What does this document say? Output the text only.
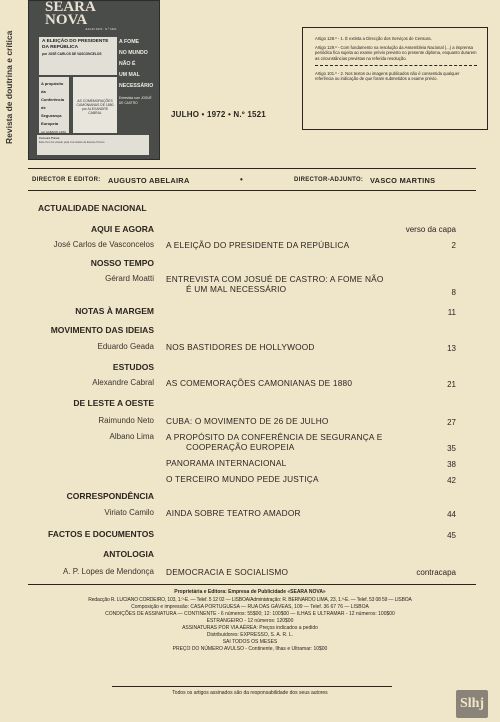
Revista de doutrina e crítica
SEARA
NOVA
JULHO 1972 · N.º 1521
A ELEIÇÃO DO PRESIDENTE DA REPÚBLICA
por JOSÉ CARLOS DE VASCONCELOS
A FOME
NO MUNDO
NÃO É
UM MAL
NECESSÁRIO
Entrevista com JOSUÉ DE CASTRO
A propósito
da Conferência
de Segurança
Europeia
por ALBANO LIMA
AS COMEMORAÇÕES CAMONIANAS DE 1880
por ALEXANDRE CABRAL
Censura Prévia
Este livro foi visado pela Comissão de Exame Prévio
JULHO • 1972 • N.º 1521

Artigo 128.º - 1. É extinta a Direcção dos Serviços de Censura.

Artigo 129.º - Com fundamento na resolução da Assembleia Nacional (...) a imprensa periódica fica sujeita ao exame prévio previsto no presente diploma, enquanto durarem as circunstâncias previstas na referida resolução.

Artigo 101.º - 2. Nos textos ou imagens publicados não é consentida qualquer referência ou indicação de que foram submetidos a exame prévio.

DIRECTOR E EDITOR: AUGUSTO ABELAIRA	•	DIRECTOR-ADJUNTO: VASCO MARTINS
ACTUALIDADE NACIONAL
AQUI E AGORA	verso da capa
José Carlos de Vasconcelos A ELEIÇÃO DO PRESIDENTE DA REPÚBLICA	2
NOSSO TEMPO
Gérard Moatti ENTREVISTA COM JOSUÉ DE CASTRO: A FOME NÃO
É UM MAL NECESSÁRIO	8
NOTAS À MARGEM	11
MOVIMENTO DAS IDEIAS
Eduardo Geada NOS BASTIDORES DE HOLLYWOOD	13
ESTUDOS
Alexandre Cabral AS COMEMORAÇÕES CAMONIANAS DE 1880	21
DE LESTE A OESTE
Raimundo Neto CUBA: O MOVIMENTO DE 26 DE JULHO	27
Albano Lima A PROPÓSITO DA CONFERÊNCIA DE SEGURANÇA E
COOPERAÇÃO EUROPEIA	35
PANORAMA INTERNACIONAL	38
O TERCEIRO MUNDO PEDE JUSTIÇA	42
CORRESPONDÊNCIA
Viriato Camilo AINDA SOBRE TEATRO AMADOR	44
FACTOS E DOCUMENTOS	45
ANTOLOGIA
A. P. Lopes de Mendonça DEMOCRACIA E SOCIALISMO	contracapa
Proprietária e Editora: Empresa de Publicidade «SEARA NOVA»
Redacção R. LUCIANO CORDEIRO, 103, 1.º-E. — Telef. 5 12 02 — LISBOA/Administração: R. BERNARDO LIMA, 23, 1.º-E. — Telef. 53 08 59 — LISBOA
Composição e impressão: CASA PORTUGUESA — RUA DAS GÁVEAS, 109 — Telef. 36 67 76 — LISBOA
CONDIÇÕES DE ASSINATURA — CONTINENTE - 6 números: 55$00; 12: 100$00 — ILHAS E ULTRAMAR - 12 números: 100$00
ESTRANGEIRO - 12 números: 120$00
ASSINATURAS POR VIA AÉREA: Preços indicados a pedido
Distribuidores: EXPRESSO, S. A. R. L.
SAI TODOS OS MESES
PREÇO DO NÚMERO AVULSO - Continente, Ilhas e Ultramar: 10$00
Todos os artigos assinados são da responsabilidade dos seus autores
Slhj
